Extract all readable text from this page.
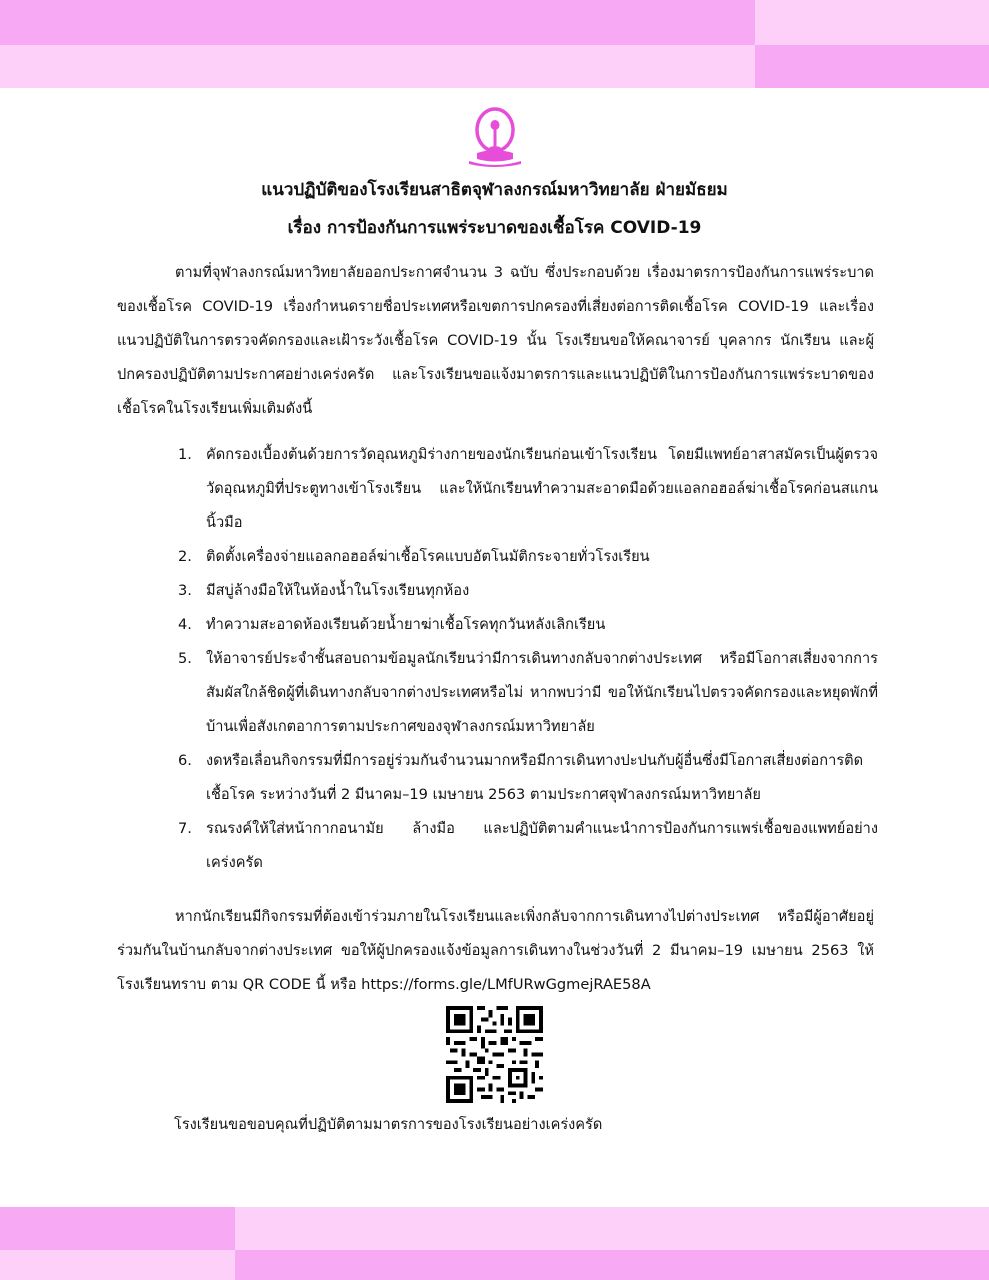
แนวปฏิบัติของโรงเรียนสาธิตจุฬาลงกรณ์มหาวิทยาลัย ฝ่ายมัธยม
เรื่อง การป้องกันการแพร่ระบาดของเชื้อโรค COVID-19
ตามที่จุฬาลงกรณ์มหาวิทยาลัยออกประกาศจำนวน 3 ฉบับ ซึ่งประกอบด้วย เรื่องมาตรการป้องกันการแพร่ระบาดของเชื้อโรค COVID-19 เรื่องกำหนดรายชื่อประเทศหรือเขตการปกครองที่เสี่ยงต่อการติดเชื้อโรค COVID-19 และเรื่องแนวปฏิบัติในการตรวจคัดกรองและเฝ้าระวังเชื้อโรค COVID-19 นั้น โรงเรียนขอให้คณาจารย์ บุคลากร นักเรียน และผู้ปกครองปฏิบัติตามประกาศอย่างเคร่งครัด และโรงเรียนขอแจ้งมาตรการและแนวปฏิบัติในการป้องกันการแพร่ระบาดของเชื้อโรคในโรงเรียนเพิ่มเติมดังนี้
1. คัดกรองเบื้องต้นด้วยการวัดอุณหภูมิร่างกายของนักเรียนก่อนเข้าโรงเรียน โดยมีแพทย์อาสาสมัครเป็นผู้ตรวจวัดอุณหภูมิที่ประตูทางเข้าโรงเรียน และให้นักเรียนทำความสะอาดมือด้วยแอลกอฮอล์ฆ่าเชื้อโรคก่อนสแกนนิ้วมือ
2. ติดตั้งเครื่องจ่ายแอลกอฮอล์ฆ่าเชื้อโรคแบบอัตโนมัติกระจายทั่วโรงเรียน
3. มีสบู่ล้างมือให้ในห้องน้ำในโรงเรียนทุกห้อง
4. ทำความสะอาดห้องเรียนด้วยน้ำยาฆ่าเชื้อโรคทุกวันหลังเลิกเรียน
5. ให้อาจารย์ประจำชั้นสอบถามข้อมูลนักเรียนว่ามีการเดินทางกลับจากต่างประเทศ หรือมีโอกาสเสี่ยงจากการสัมผัสใกล้ชิดผู้ที่เดินทางกลับจากต่างประเทศหรือไม่ หากพบว่ามี ขอให้นักเรียนไปตรวจคัดกรองและหยุดพักที่บ้านเพื่อสังเกตอาการตามประกาศของจุฬาลงกรณ์มหาวิทยาลัย
6. งดหรือเลื่อนกิจกรรมที่มีการอยู่ร่วมกันจำนวนมากหรือมีการเดินทางปะปนกับผู้อื่นซึ่งมีโอกาสเสี่ยงต่อการติดเชื้อโรค ระหว่างวันที่ 2 มีนาคม–19 เมษายน 2563 ตามประกาศจุฬาลงกรณ์มหาวิทยาลัย
7. รณรงค์ให้ใส่หน้ากากอนามัย ล้างมือ และปฏิบัติตามคำแนะนำการป้องกันการแพร่เชื้อของแพทย์อย่างเคร่งครัด
หากนักเรียนมีกิจกรรมที่ต้องเข้าร่วมภายในโรงเรียนและเพิ่งกลับจากการเดินทางไปต่างประเทศ หรือมีผู้อาศัยอยู่ร่วมกันในบ้านกลับจากต่างประเทศ ขอให้ผู้ปกครองแจ้งข้อมูลการเดินทางในช่วงวันที่ 2 มีนาคม–19 เมษายน 2563 ให้โรงเรียนทราบ ตาม QR CODE นี้ หรือ https://forms.gle/LMfURwGgmejRAE58A
โรงเรียนขอขอบคุณที่ปฏิบัติตามมาตรการของโรงเรียนอย่างเคร่งครัด
